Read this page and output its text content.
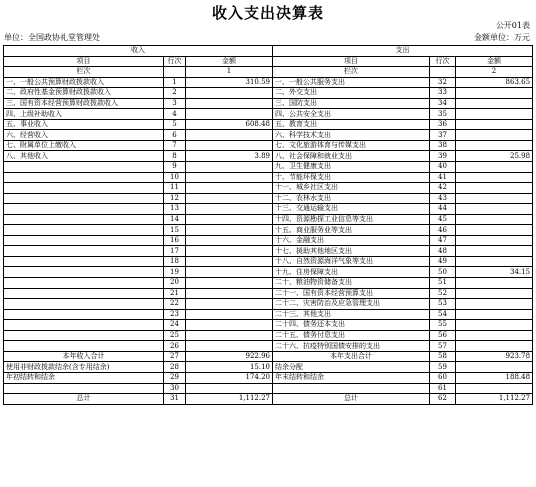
收入支出决算表
公开01表
单位：全国政协礼堂管理处	金额单位：万元
收入			支出		
项目	行次	金额	项目	行次	金额
栏次		1	栏次		2
一、一般公共预算财政拨款收入	1	310.59	一、一般公共服务支出	32	863.65
二、政府性基金预算财政拨款收入	2		二、外交支出	33	
三、国有资本经营预算财政拨款收入	3		三、国防支出	34	
四、上级补助收入	4		四、公共安全支出	35	
五、事业收入	5	608.48	五、教育支出	36	
六、经营收入	6		六、科学技术支出	37	
七、附属单位上缴收入	7		七、文化旅游体育与传媒支出	38	
八、其他收入	8	3.89	八、社会保障和就业支出	39	25.98
	9		九、卫生健康支出	40	
	10		十、节能环保支出	41	
	11		十一、城乡社区支出	42	
	12		十二、农林水支出	43	
	13		十三、交通运输支出	44	
	14		十四、资源勘探工业信息等支出	45	
	15		十五、商业服务业等支出	46	
	16		十六、金融支出	47	
	17		十七、援助其他地区支出	48	
	18		十八、自然资源海洋气象等支出	49	
	19		十九、住房保障支出	50	34.15
	20		二十、粮油物资储备支出	51	
	21		二十一、国有资本经营预算支出	52	
	22		二十二、灾害防治及应急管理支出	53	
	23		二十三、其他支出	54	
	24		二十四、债务还本支出	55	
	25		二十五、债务付息支出	56	
	26		二十六、抗疫特别国债安排的支出	57	
本年收入合计	27	922.96	本年支出合计	58	923.78
使用非财政拨款结余(含专用结余)	28	15.10	结余分配	59	
年初结转和结余	29	174.20	年末结转和结余	60	188.48
	30			61	
总计	31	1,112.27	总计	62	1,112.27
